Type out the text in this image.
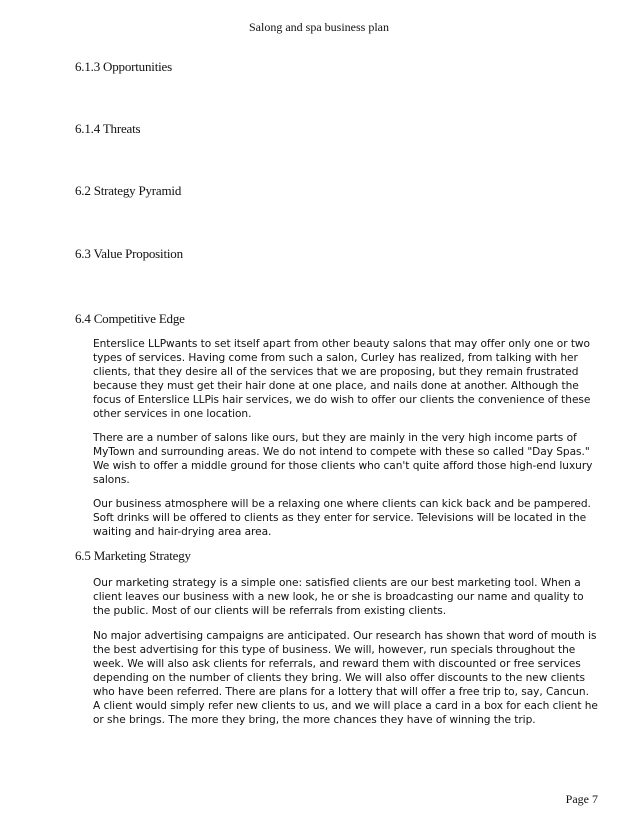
Salong and spa business plan
6.1.3 Opportunities
6.1.4 Threats
6.2 Strategy Pyramid
6.3 Value Proposition
6.4 Competitive Edge
Enterslice LLPwants to set itself apart from other beauty salons that may offer only one or two
types of services. Having come from such a salon, Curley has realized, from talking with her
clients, that they desire all of the services that we are proposing, but they remain frustrated
because they must get their hair done at one place, and nails done at another. Although the
focus of Enterslice LLPis hair services, we do wish to offer our clients the convenience of these
other services in one location.
There are a number of salons like ours, but they are mainly in the very high income parts of
MyTown and surrounding areas. We do not intend to compete with these so called "Day Spas."
We wish to offer a middle ground for those clients who can't quite afford those high-end luxury
salons.
Our business atmosphere will be a relaxing one where clients can kick back and be pampered.
Soft drinks will be offered to clients as they enter for service. Televisions will be located in the
waiting and hair-drying area area.
6.5 Marketing Strategy
Our marketing strategy is a simple one: satisfied clients are our best marketing tool. When a
client leaves our business with a new look, he or she is broadcasting our name and quality to
the public. Most of our clients will be referrals from existing clients.
No major advertising campaigns are anticipated. Our research has shown that word of mouth is
the best advertising for this type of business. We will, however, run specials throughout the
week. We will also ask clients for referrals, and reward them with discounted or free services
depending on the number of clients they bring. We will also offer discounts to the new clients
who have been referred. There are plans for a lottery that will offer a free trip to, say, Cancun.
A client would simply refer new clients to us, and we will place a card in a box for each client he
or she brings. The more they bring, the more chances they have of winning the trip.
Page 7
